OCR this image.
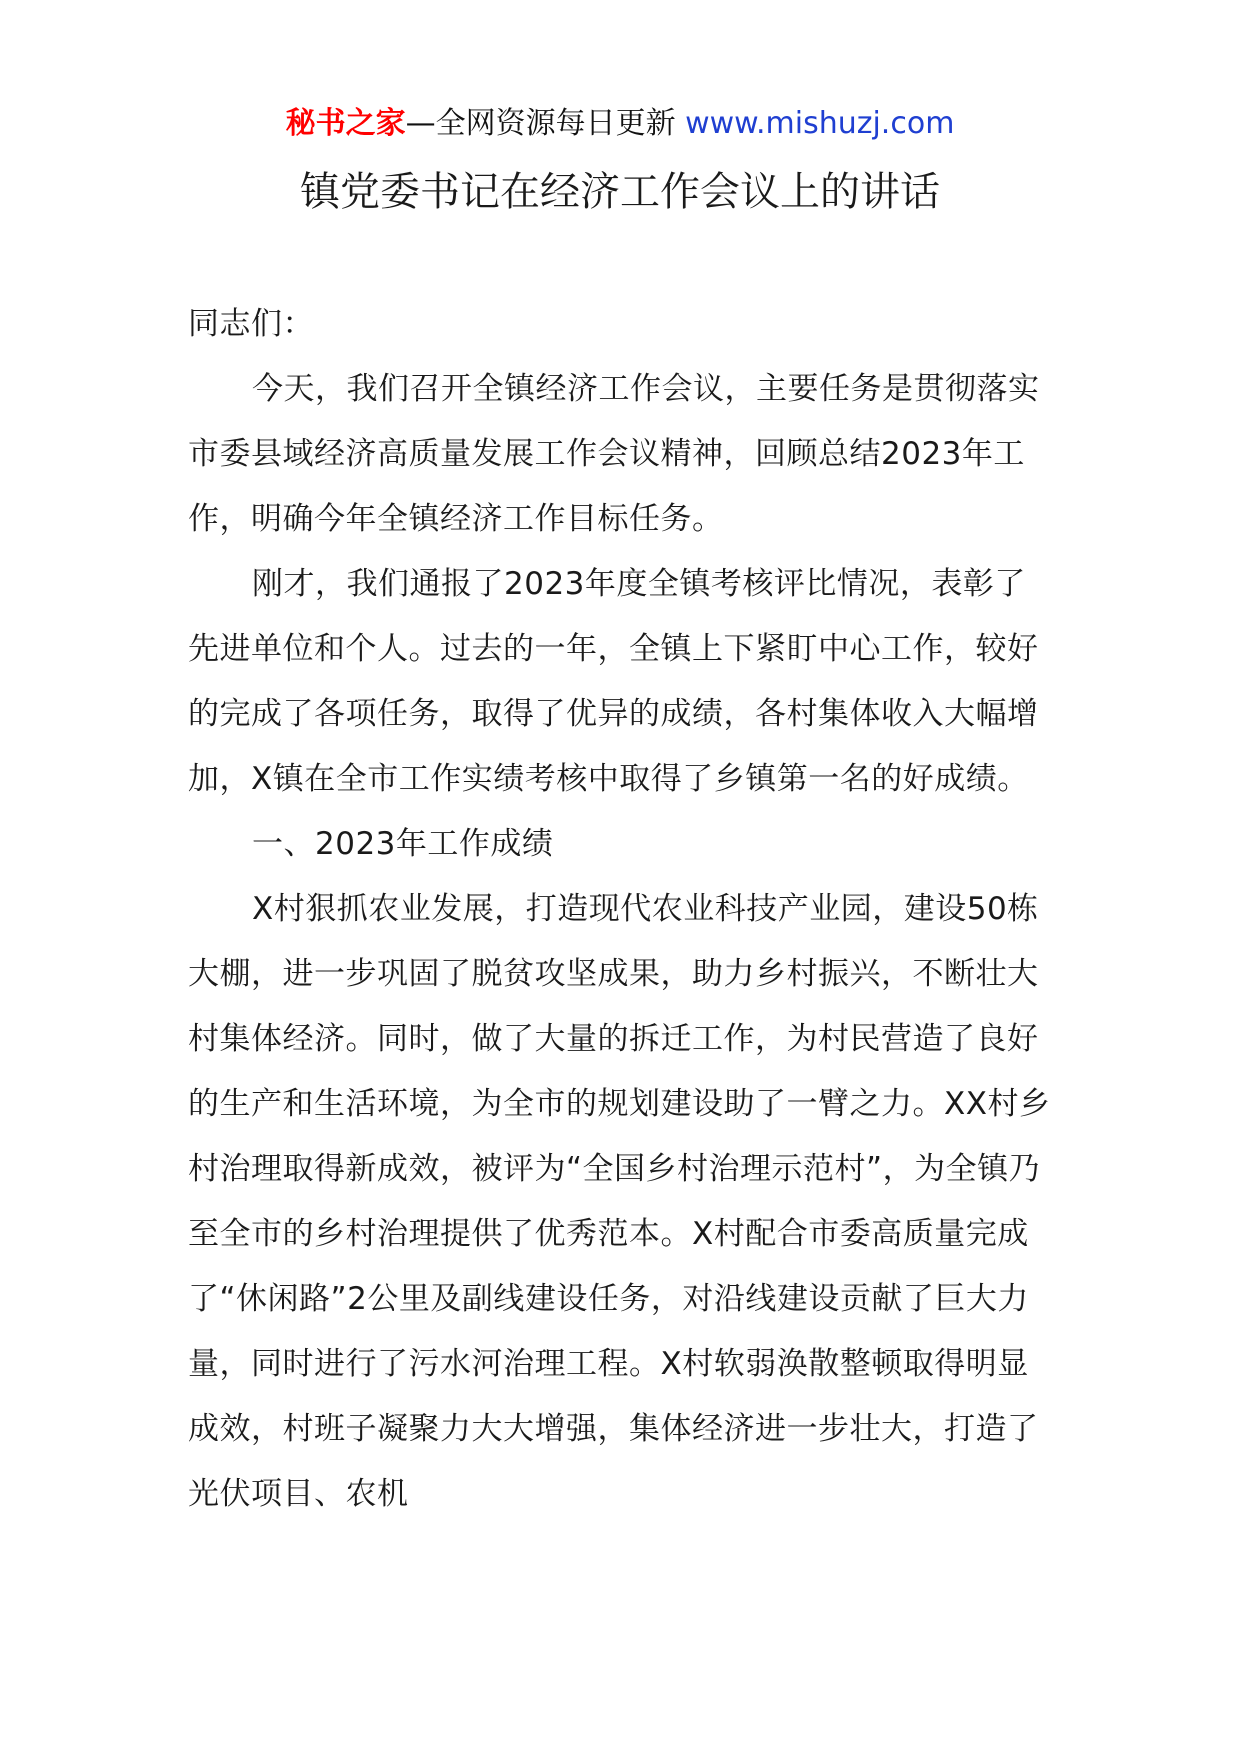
秘书之家—全网资源每日更新 www.mishuzj.com
镇党委书记在经济工作会议上的讲话

同志们：

今天，我们召开全镇经济工作会议，主要任务是贯彻落实市委县域经济高质量发展工作会议精神，回顾总结2023年工作，明确今年全镇经济工作目标任务。

刚才，我们通报了2023年度全镇考核评比情况，表彰了先进单位和个人。过去的一年，全镇上下紧盯中心工作，较好的完成了各项任务，取得了优异的成绩，各村集体收入大幅增加，X镇在全市工作实绩考核中取得了乡镇第一名的好成绩。

一、2023年工作成绩

X村狠抓农业发展，打造现代农业科技产业园，建设50栋大棚，进一步巩固了脱贫攻坚成果，助力乡村振兴，不断壮大村集体经济。同时，做了大量的拆迁工作，为村民营造了良好的生产和生活环境，为全市的规划建设助了一臂之力。XX村乡村治理取得新成效，被评为“全国乡村治理示范村”，为全镇乃至全市的乡村治理提供了优秀范本。X村配合市委高质量完成了“休闲路”2公里及副线建设任务，对沿线建设贡献了巨大力量，同时进行了污水河治理工程。X村软弱涣散整顿取得明显成效，村班子凝聚力大大增强，集体经济进一步壮大，打造了光伏项目、农机
